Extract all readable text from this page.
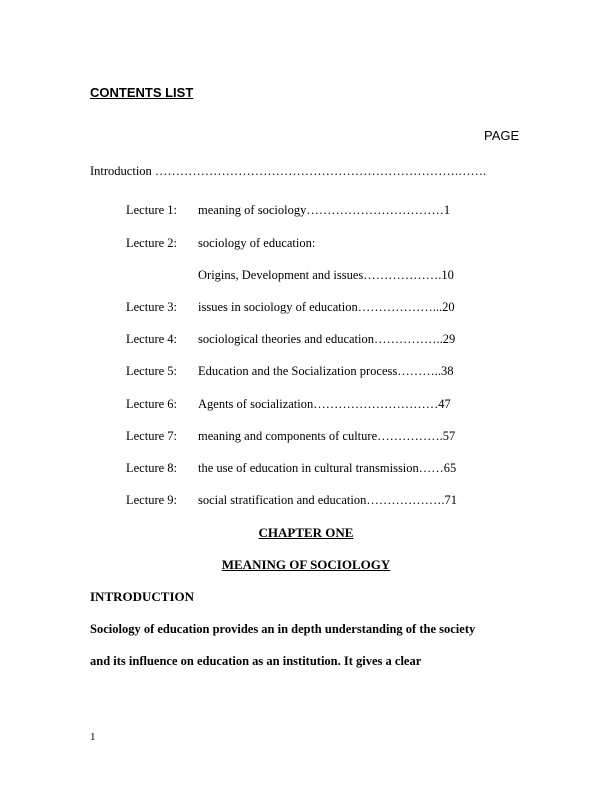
CONTENTS LIST
PAGE
Introduction ……………………………………………………………….…….
Lecture 1: meaning of sociology……………………………1
Lecture 2: sociology of education:
Origins, Development and issues……………….10
Lecture 3: issues in sociology of education………………...20
Lecture 4: sociological theories and education……………..29
Lecture 5: Education and the Socialization process………..38
Lecture 6: Agents of socialization…………………………47
Lecture 7: meaning and components of culture…………….57
Lecture 8: the use of education in cultural transmission……65
Lecture 9: social stratification and education……………….71
CHAPTER ONE
MEANING OF SOCIOLOGY
INTRODUCTION
Sociology of education provides an in depth understanding of the society
and its influence on education as an institution. It gives a clear
1
